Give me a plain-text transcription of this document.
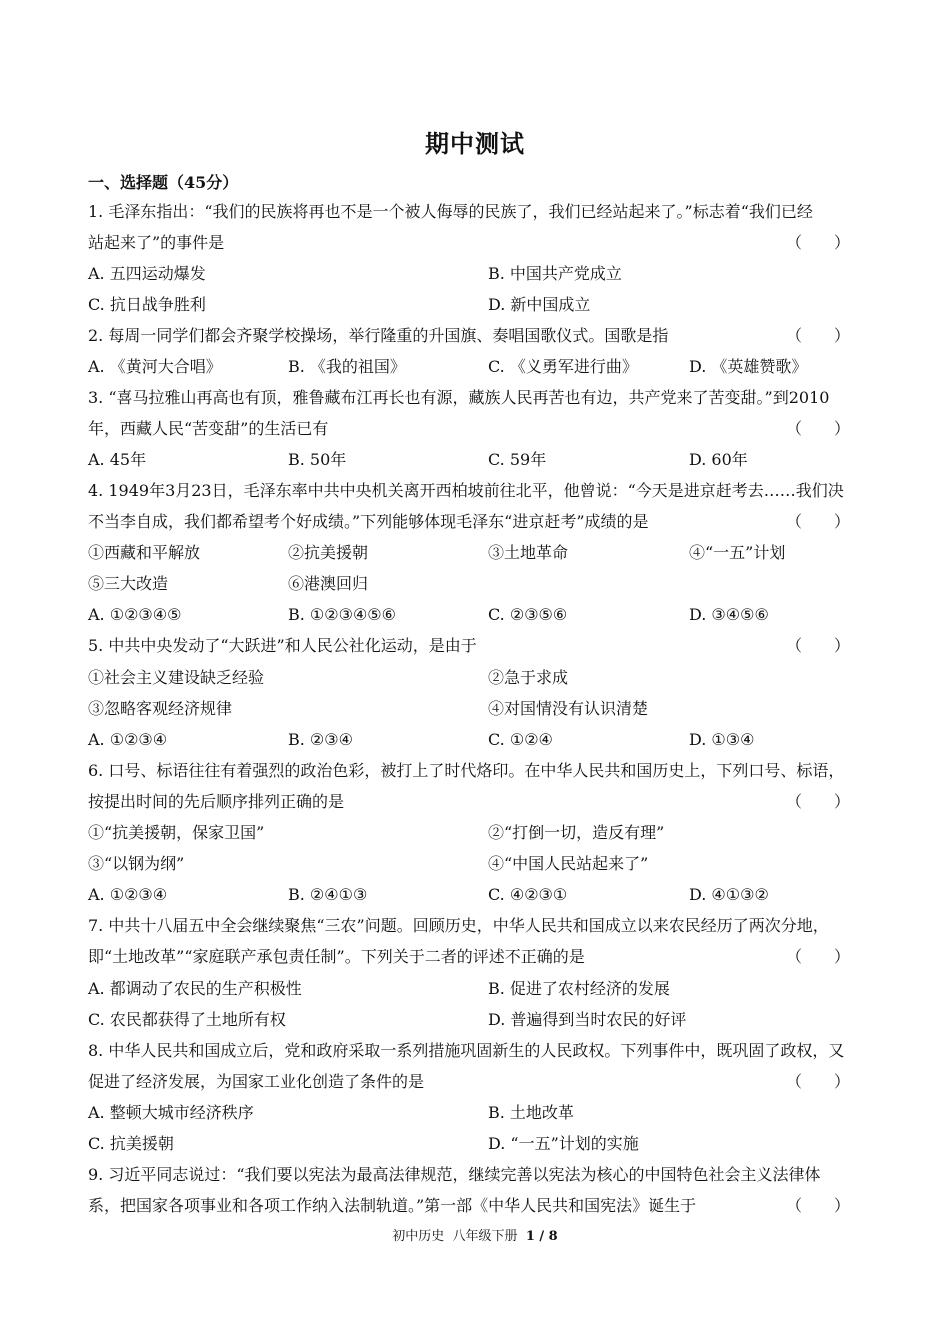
期中测试
一、选择题（45分）
1. 毛泽东指出：“我们的民族将再也不是一个被人侮辱的民族了，我们已经站起来了。”标志着“我们已经
站起来了”的事件是	（　　）
A. 五四运动爆发	B. 中国共产党成立
C. 抗日战争胜利	D. 新中国成立
2. 每周一同学们都会齐聚学校操场，举行隆重的升国旗、奏唱国歌仪式。国歌是指	（　　）
A. 《黄河大合唱》	B. 《我的祖国》	C. 《义勇军进行曲》	D. 《英雄赞歌》
3. “喜马拉雅山再高也有顶，雅鲁藏布江再长也有源，藏族人民再苦也有边，共产党来了苦变甜。”到2010
年，西藏人民“苦变甜”的生活已有	（　　）
A. 45年	B. 50年	C. 59年	D. 60年
4. 1949年3月23日，毛泽东率中共中央机关离开西柏坡前往北平，他曾说：“今天是进京赶考去……我们决
不当李自成，我们都希望考个好成绩。”下列能够体现毛泽东“进京赶考”成绩的是	（　　）
①西藏和平解放	②抗美援朝	③土地革命	④“一五”计划
⑤三大改造	⑥港澳回归
A. ①②③④⑤	B. ①②③④⑤⑥	C. ②③⑤⑥	D. ③④⑤⑥
5. 中共中央发动了“大跃进”和人民公社化运动，是由于	（　　）
①社会主义建设缺乏经验	②急于求成
③忽略客观经济规律	④对国情没有认识清楚
A. ①②③④	B. ②③④	C. ①②④	D. ①③④
6. 口号、标语往往有着强烈的政治色彩，被打上了时代烙印。在中华人民共和国历史上，下列口号、标语，
按提出时间的先后顺序排列正确的是	（　　）
①“抗美援朝，保家卫国”	②“打倒一切，造反有理”
③“以钢为纲”	④“中国人民站起来了”
A. ①②③④	B. ②④①③	C. ④②③①	D. ④①③②
7. 中共十八届五中全会继续聚焦“三农”问题。回顾历史，中华人民共和国成立以来农民经历了两次分地，
即“土地改革”“家庭联产承包责任制”。下列关于二者的评述不正确的是	（　　）
A. 都调动了农民的生产积极性	B. 促进了农村经济的发展
C. 农民都获得了土地所有权	D. 普遍得到当时农民的好评
8. 中华人民共和国成立后，党和政府采取一系列措施巩固新生的人民政权。下列事件中，既巩固了政权，又
促进了经济发展，为国家工业化创造了条件的是	（　　）
A. 整顿大城市经济秩序	B. 土地改革
C. 抗美援朝	D. “一五”计划的实施
9. 习近平同志说过：“我们要以宪法为最高法律规范，继续完善以宪法为核心的中国特色社会主义法律体
系，把国家各项事业和各项工作纳入法制轨道。”第一部《中华人民共和国宪法》诞生于	（　　）
初中历史 八年级下册 1 / 8
